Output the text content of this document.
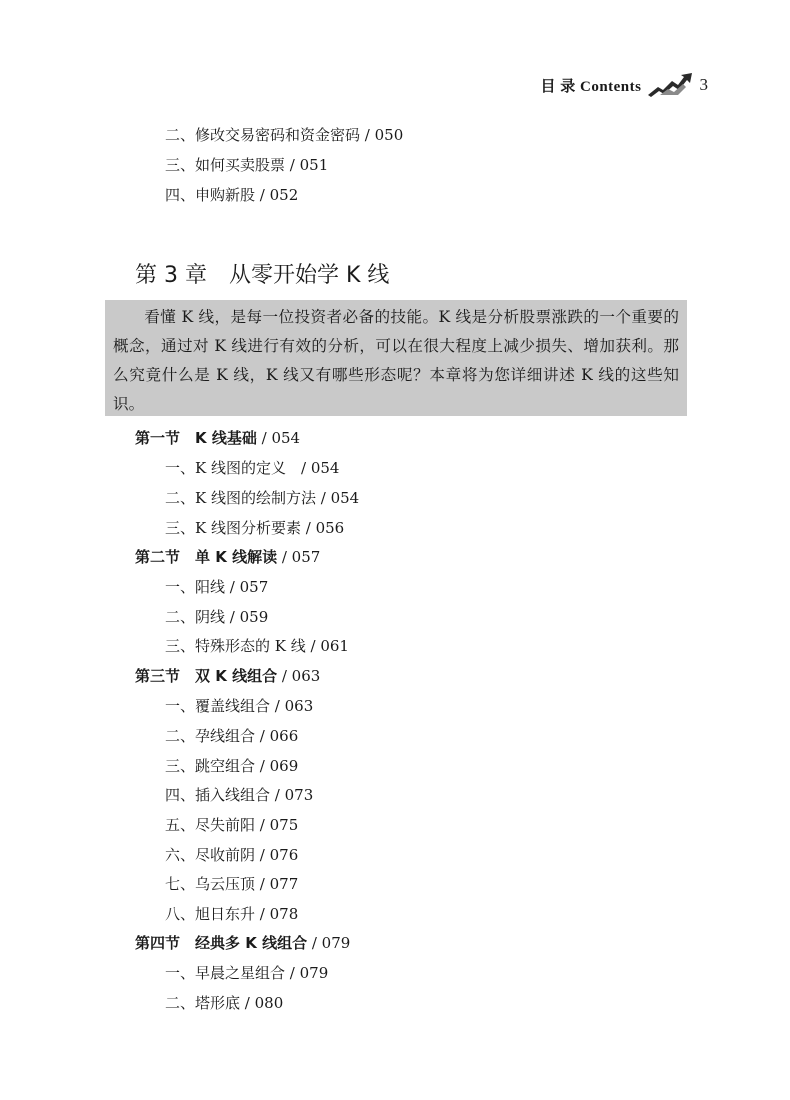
目 录 Contents	3
二、修改交易密码和资金密码 / 050
三、如何买卖股票 / 051
四、申购新股 / 052
第 3 章 从零开始学 K 线

看懂 K 线，是每一位投资者必备的技能。K 线是分析股票涨跌的一个重要的概念，通过对 K 线进行有效的分析，可以在很大程度上减少损失、增加获利。那么究竟什么是 K 线，K 线又有哪些形态呢？本章将为您详细讲述 K 线的这些知识。

第一节　K 线基础 / 054
一、K 线图的定义　/ 054
二、K 线图的绘制方法 / 054
三、K 线图分析要素 / 056
第二节　单 K 线解读 / 057
一、阳线 / 057
二、阴线 / 059
三、特殊形态的 K 线 / 061
第三节　双 K 线组合 / 063
一、覆盖线组合 / 063
二、孕线组合 / 066
三、跳空组合 / 069
四、插入线组合 / 073
五、尽失前阳 / 075
六、尽收前阴 / 076
七、乌云压顶 / 077
八、旭日东升 / 078
第四节　经典多 K 线组合 / 079
一、早晨之星组合 / 079
二、塔形底 / 080
